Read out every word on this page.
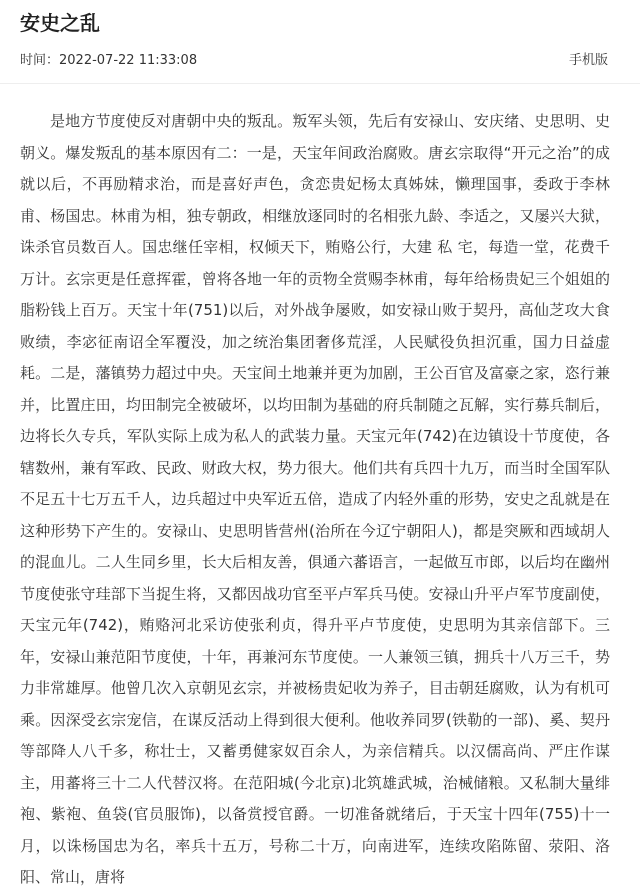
安史之乱
时间：2022-07-22 11:33:08	手机版

是地方节度使反对唐朝中央的叛乱。叛军头领，先后有安禄山、安庆绪、史思明、史朝义。爆发叛乱的基本原因有二：一是，天宝年间政治腐败。唐玄宗取得“开元之治”的成就以后，不再励精求治，而是喜好声色，贪恋贵妃杨太真姊妹，懒理国事，委政于李林甫、杨国忠。林甫为相，独专朝政，相继放逐同时的名相张九龄、李适之，又屡兴大狱，诛杀官员数百人。国忠继任宰相，权倾天下，贿赂公行，大建 私 宅，每造一堂，花费千万计。玄宗更是任意挥霍，曾将各地一年的贡物全赏赐李林甫，每年给杨贵妃三个姐姐的脂粉钱上百万。天宝十年(751)以后，对外战争屡败，如安禄山败于契丹，高仙芝攻大食败绩，李宓征南诏全军覆没，加之统治集团奢侈荒淫，人民赋役负担沉重，国力日益虚耗。二是，藩镇势力超过中央。天宝间土地兼并更为加剧，王公百官及富豪之家，恣行兼并，比置庄田，均田制完全被破坏，以均田制为基础的府兵制随之瓦解，实行募兵制后，边将长久专兵，军队实际上成为私人的武装力量。天宝元年(742)在边镇设十节度使，各辖数州，兼有军政、民政、财政大权，势力很大。他们共有兵四十九万，而当时全国军队不足五十七万五千人，边兵超过中央军近五倍，造成了内轻外重的形势，安史之乱就是在这种形势下产生的。安禄山、史思明皆营州(治所在今辽宁朝阳人)，都是突厥和西域胡人的混血儿。二人生同乡里，长大后相友善，俱通六蕃语言，一起做互市郎，以后均在幽州节度使张守珪部下当捉生将，又都因战功官至平卢军兵马使。安禄山升平卢军节度副使，天宝元年(742)，贿赂河北采访使张利贞，得升平卢节度使，史思明为其亲信部下。三年，安禄山兼范阳节度使，十年，再兼河东节度使。一人兼领三镇，拥兵十八万三千，势力非常雄厚。他曾几次入京朝见玄宗，并被杨贵妃收为养子，目击朝廷腐败，认为有机可乘。因深受玄宗宠信，在谋反活动上得到很大便利。他收养同罗(铁勒的一部)、奚、契丹等部降人八千多，称壮士，又蓄勇健家奴百余人，为亲信精兵。以汉儒高尚、严庄作谋主，用蕃将三十二人代替汉将。在范阳城(今北京)北筑雄武城，治械储粮。又私制大量绯袍、紫袍、鱼袋(官员服饰)，以备赏授官爵。一切准备就绪后，于天宝十四年(755)十一月，以诛杨国忠为名，率兵十五万，号称二十万，向南进军，连续攻陷陈留、荥阳、洛阳、常山，唐将
